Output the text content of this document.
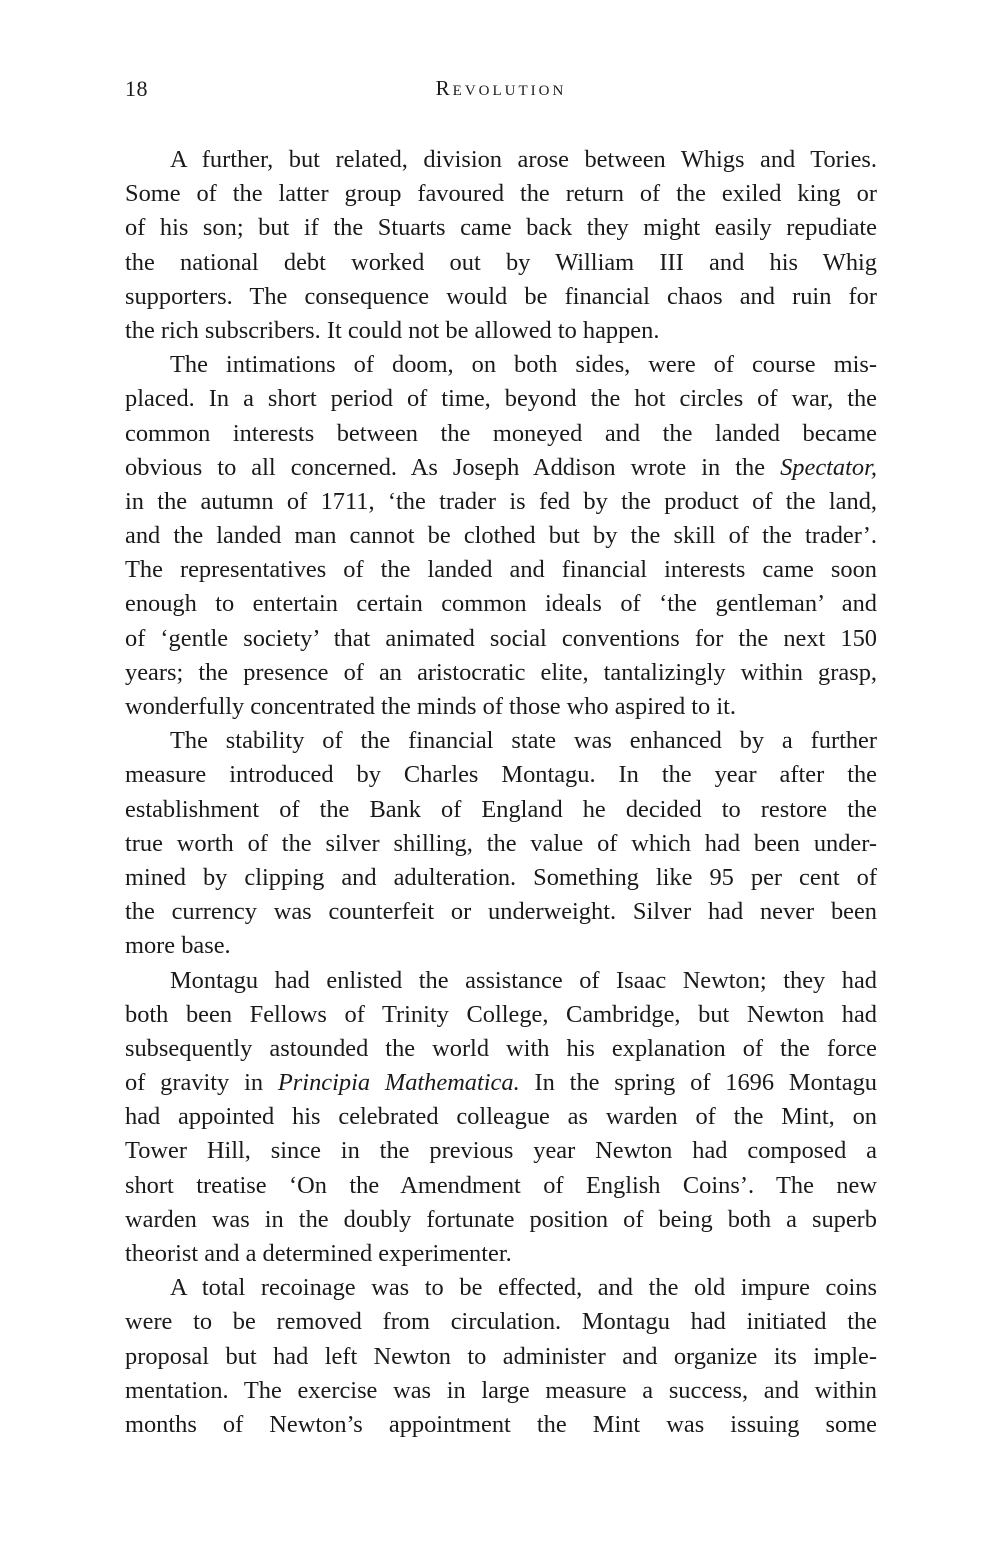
18	Revolution
A further, but related, division arose between Whigs and Tories.
Some of the latter group favoured the return of the exiled king or
of his son; but if the Stuarts came back they might easily repudiate
the national debt worked out by William III and his Whig
supporters. The consequence would be financial chaos and ruin for
the rich subscribers. It could not be allowed to happen.
The intimations of doom, on both sides, were of course mis-
placed. In a short period of time, beyond the hot circles of war, the
common interests between the moneyed and the landed became
obvious to all concerned. As Joseph Addison wrote in the Spectator,
in the autumn of 1711, ‘the trader is fed by the product of the land,
and the landed man cannot be clothed but by the skill of the trader’.
The representatives of the landed and financial interests came soon
enough to entertain certain common ideals of ‘the gentleman’ and
of ‘gentle society’ that animated social conventions for the next 150
years; the presence of an aristocratic elite, tantalizingly within grasp,
wonderfully concentrated the minds of those who aspired to it.
The stability of the financial state was enhanced by a further
measure introduced by Charles Montagu. In the year after the
establishment of the Bank of England he decided to restore the
true worth of the silver shilling, the value of which had been under-
mined by clipping and adulteration. Something like 95 per cent of
the currency was counterfeit or underweight. Silver had never been
more base.
Montagu had enlisted the assistance of Isaac Newton; they had
both been Fellows of Trinity College, Cambridge, but Newton had
subsequently astounded the world with his explanation of the force
of gravity in Principia Mathematica. In the spring of 1696 Montagu
had appointed his celebrated colleague as warden of the Mint, on
Tower Hill, since in the previous year Newton had composed a
short treatise ‘On the Amendment of English Coins’. The new
warden was in the doubly fortunate position of being both a superb
theorist and a determined experimenter.
A total recoinage was to be effected, and the old impure coins
were to be removed from circulation. Montagu had initiated the
proposal but had left Newton to administer and organize its imple-
mentation. The exercise was in large measure a success, and within
months of Newton’s appointment the Mint was issuing some
